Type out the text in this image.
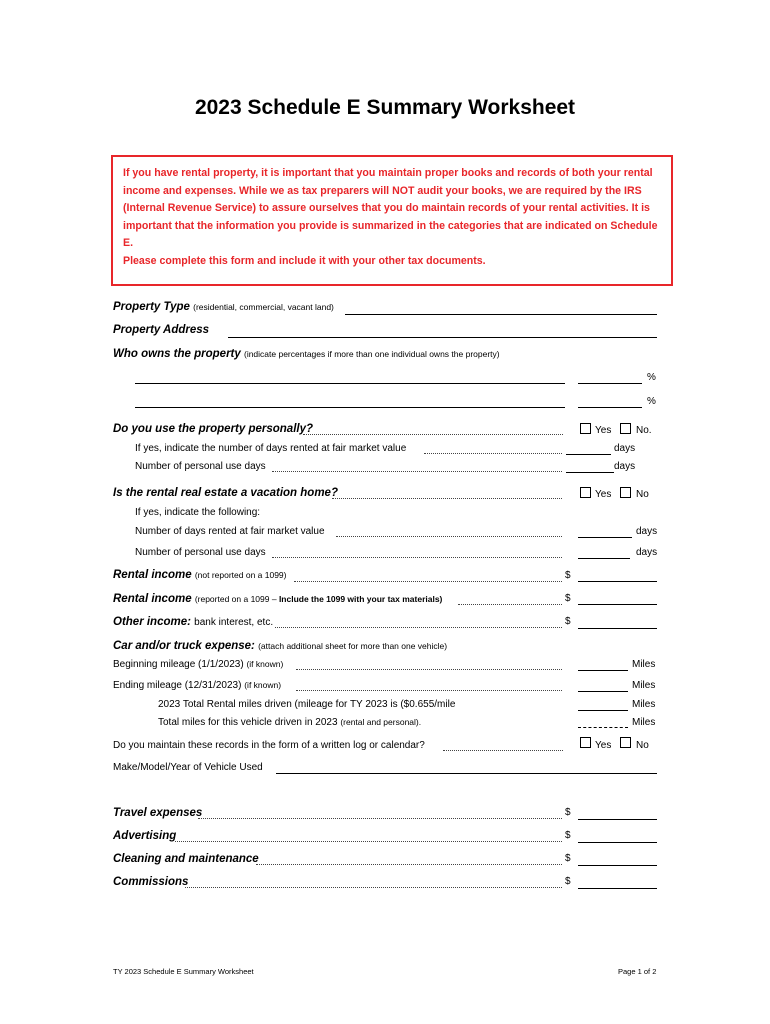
2023 Schedule E Summary Worksheet

If you have rental property, it is important that you maintain proper books and records of both your rental income and expenses. While we as tax preparers will NOT audit your books, we are required by the IRS (Internal Revenue Service) to assure ourselves that you do maintain records of your rental activities. It is important that the information you provide is summarized in the categories that are indicated on Schedule E.

Please complete this form and include it with your other tax documents.

Property Type (residential, commercial, vacant land)
Property Address
Who owns the property (indicate percentages if more than one individual owns the property)
%
%
Do you use the property personally?	Yes No.
If yes, indicate the number of days rented at fair market value	days
Number of personal use days	days
Is the rental real estate a vacation home?	Yes No
If yes, indicate the following:
Number of days rented at fair market value	days
Number of personal use days	days
Rental income (not reported on a 1099)	$
Rental income (reported on a 1099 – Include the 1099 with your tax materials)	$
Other income: bank interest, etc.	$
Car and/or truck expense: (attach additional sheet for more than one vehicle)
Beginning mileage (1/1/2023) (if known)	Miles
Ending mileage (12/31/2023) (if known)	Miles
2023 Total Rental miles driven (mileage for TY 2023 is ($0.655/mile	Miles
Total miles for this vehicle driven in 2023 (rental and personal).	Miles
Do you maintain these records in the form of a written log or calendar?	Yes No
Make/Model/Year of Vehicle Used
Travel expenses	$
Advertising	$
Cleaning and maintenance	$
Commissions	$
TY 2023 Schedule E Summary Worksheet	Page 1 of 2
